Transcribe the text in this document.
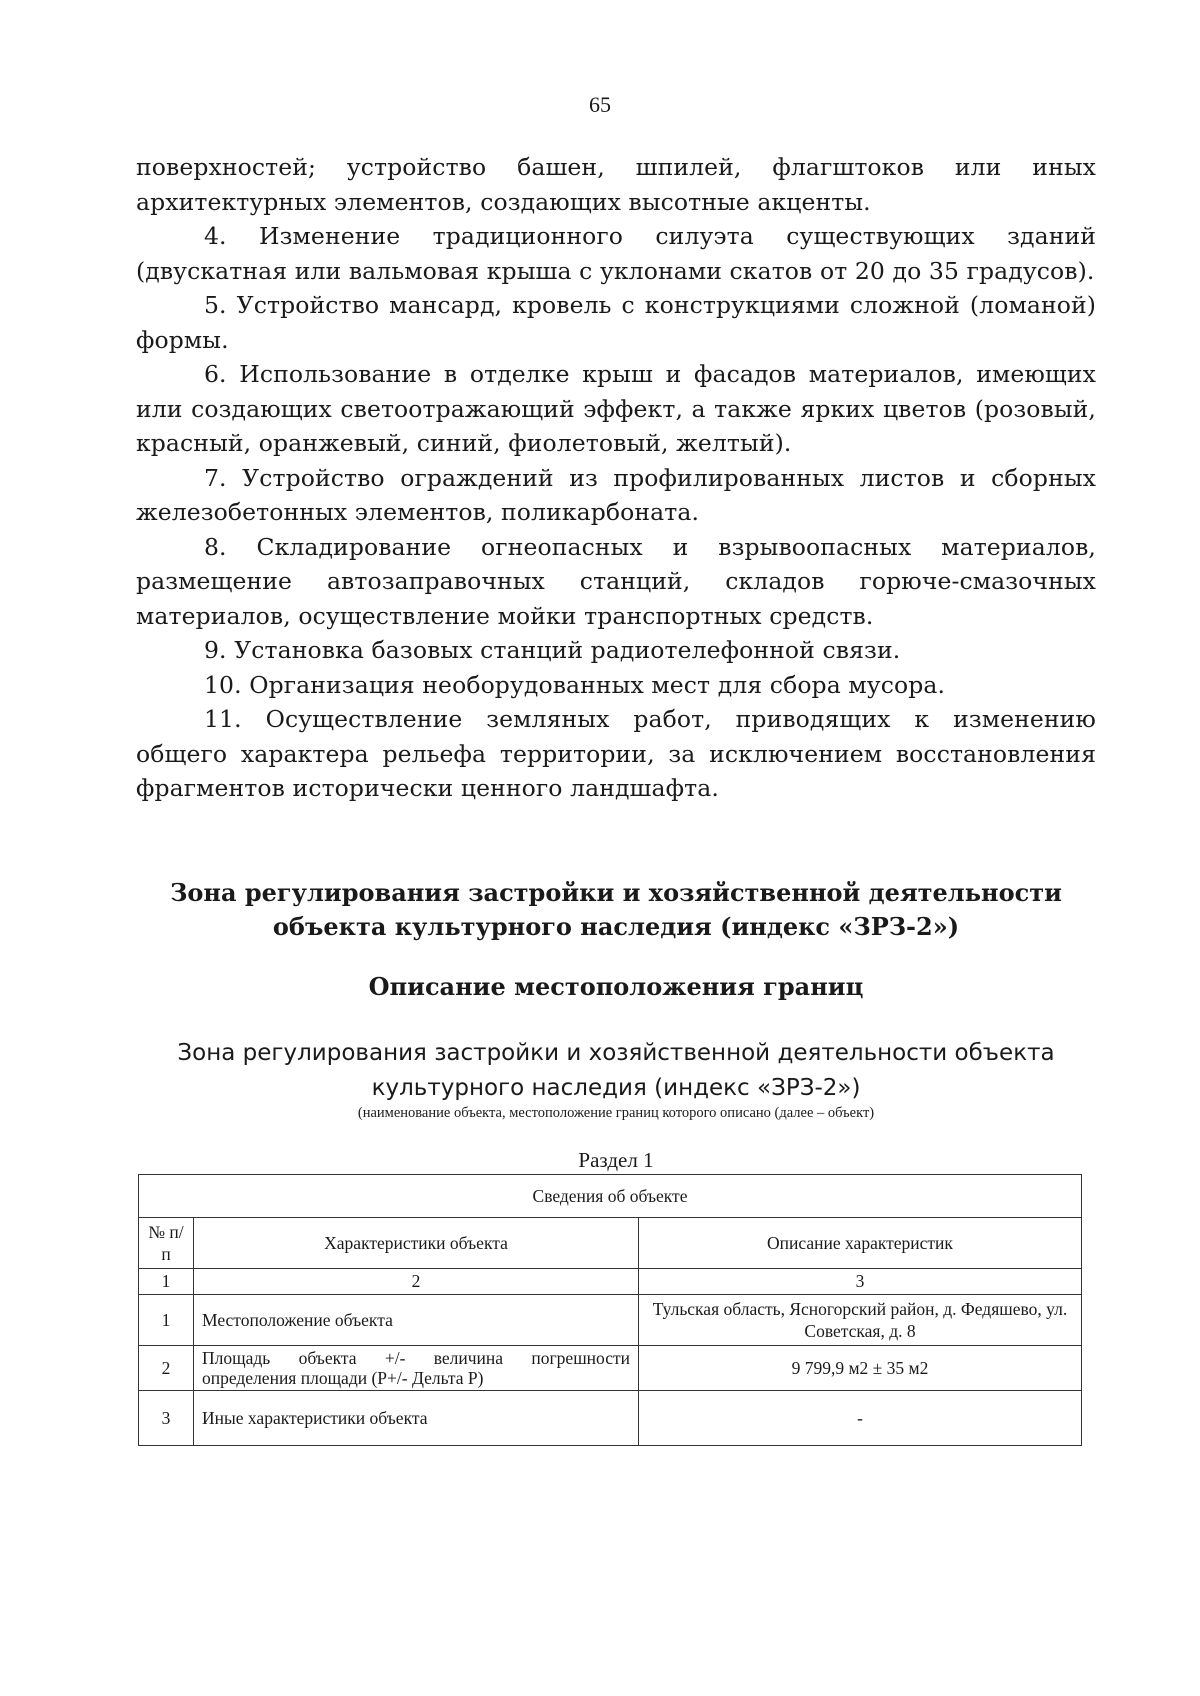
65

поверхностей; устройство башен, шпилей, флагштоков или иных архитектурных элементов, создающих высотные акценты.

4. Изменение традиционного силуэта существующих зданий (двускатная или вальмовая крыша с уклонами скатов от 20 до 35 градусов).

5. Устройство мансард, кровель с конструкциями сложной (ломаной) формы.

6. Использование в отделке крыш и фасадов материалов, имеющих или создающих светоотражающий эффект, а также ярких цветов (розовый, красный, оранжевый, синий, фиолетовый, желтый).

7. Устройство ограждений из профилированных листов и сборных железобетонных элементов, поликарбоната.

8. Складирование огнеопасных и взрывоопасных материалов, размещение автозаправочных станций, складов горюче-смазочных материалов, осуществление мойки транспортных средств.

9. Установка базовых станций радиотелефонной связи.

10. Организация необорудованных мест для сбора мусора.

11. Осуществление земляных работ, приводящих к изменению общего характера рельефа территории, за исключением восстановления фрагментов исторически ценного ландшафта.

Зона регулирования застройки и хозяйственной деятельности объекта культурного наследия (индекс «ЗРЗ-2»)
Описание местоположения границ
Зона регулирования застройки и хозяйственной деятельности объекта культурного наследия (индекс «ЗРЗ-2»)
(наименование объекта, местоположение границ которого описано (далее – объект)
Раздел 1
Сведения об объекте		
№ п/п	Характеристики объекта	Описание характеристик
1	2	3
1	Местоположение объекта	Тульская область, Ясногорский район, д. Федяшево, ул. Советская, д. 8
2	Площадь объекта +/- величина погрешности определения площади (Р+/- Дельта Р)	9 799,9 м2 ± 35 м2
3	Иные характеристики объекта	-
